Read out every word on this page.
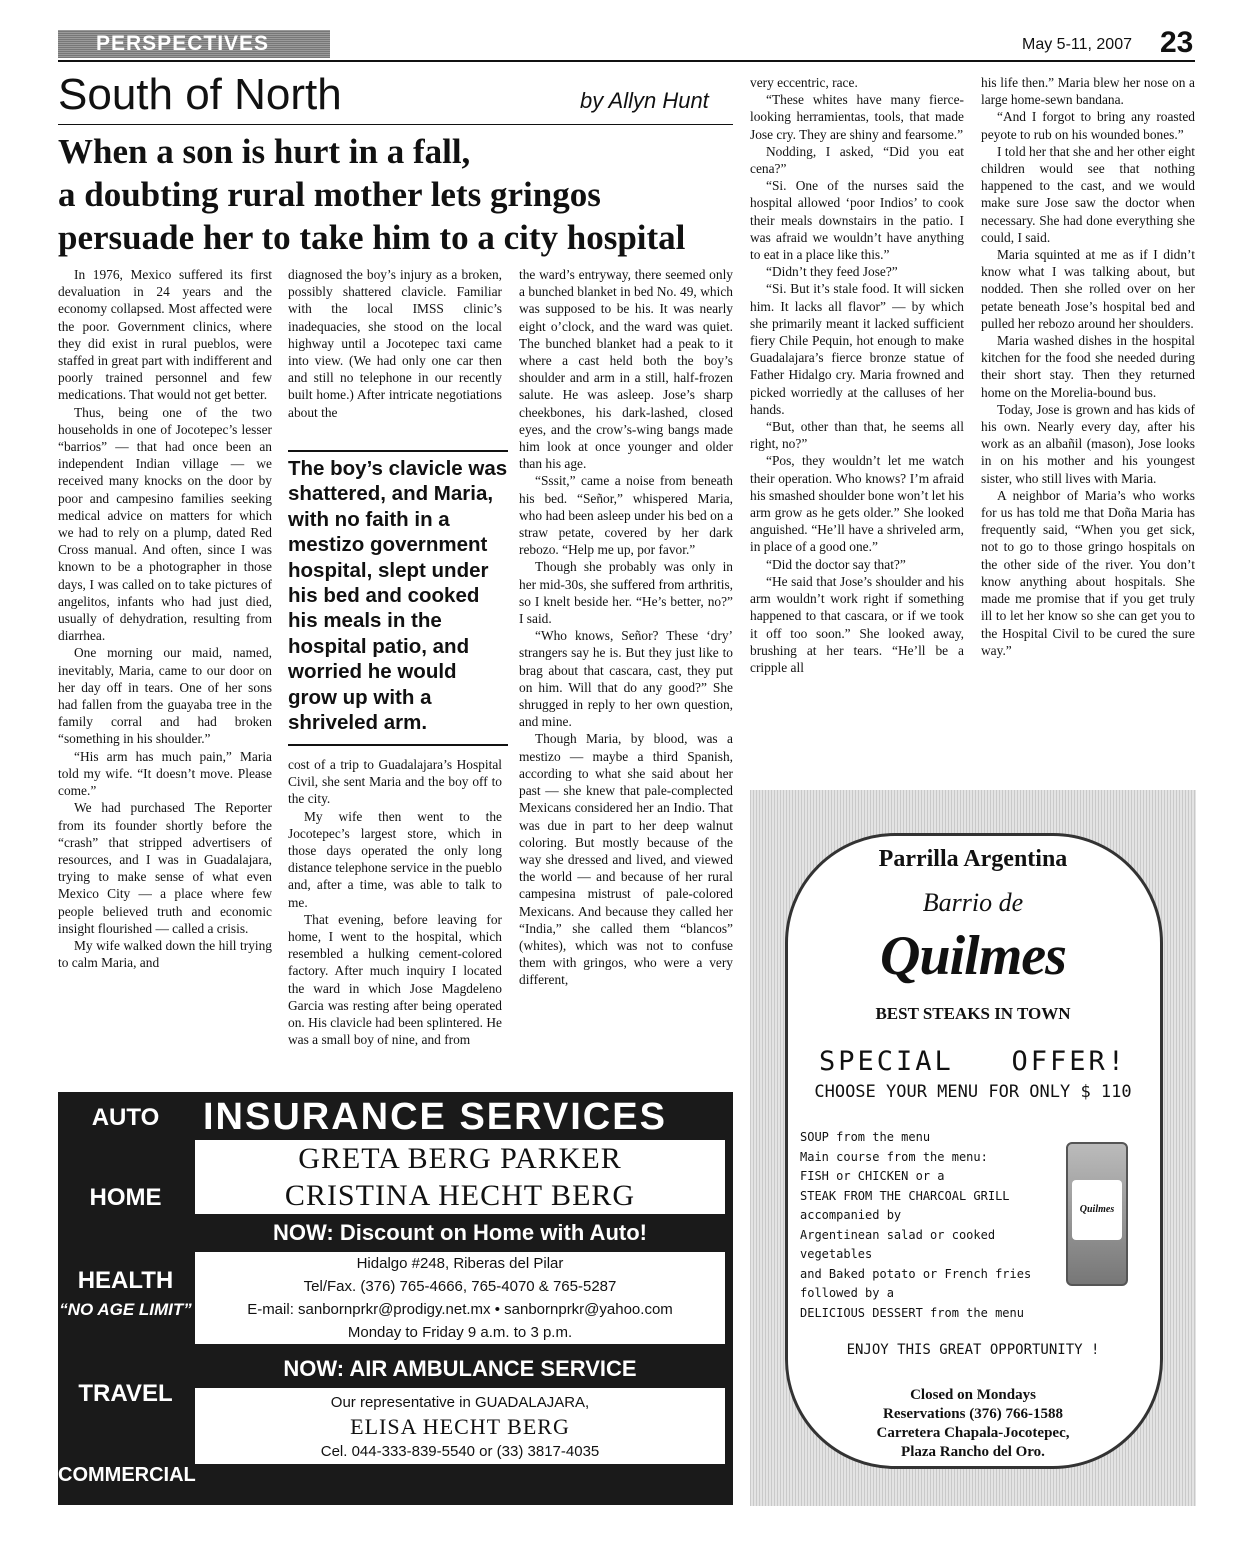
PERSPECTIVES	May 5-11, 2007 23
South of North	by Allyn Hunt
When a son is hurt in a fall,
a doubting rural mother lets gringos
persuade her to take him to a city hospital

In 1976, Mexico suffered its first devaluation in 24 years and the economy collapsed. Most affected were the poor. Government clinics, where they did exist in rural pueblos, were staffed in great part with indifferent and poorly trained personnel and few medications. That would not get better.

Thus, being one of the two households in one of Jocotepec’s lesser “barrios” — that had once been an independent Indian village — we received many knocks on the door by poor and campesino families seeking medical advice on matters for which we had to rely on a plump, dated Red Cross manual. And often, since I was known to be a photographer in those days, I was called on to take pictures of angelitos, infants who had just died, usually of dehydration, resulting from diarrhea.

One morning our maid, named, inevitably, Maria, came to our door on her day off in tears. One of her sons had fallen from the guayaba tree in the family corral and had broken “something in his shoulder.”

“His arm has much pain,” Maria told my wife. “It doesn’t move. Please come.”

We had purchased The Reporter from its founder shortly before the “crash” that stripped advertisers of resources, and I was in Guadalajara, trying to make sense of what even Mexico City — a place where few people believed truth and economic insight flourished — called a crisis.

My wife walked down the hill trying to calm Maria, and

diagnosed the boy’s injury as a broken, possibly shattered clavicle. Familiar with the local IMSS clinic’s inadequacies, she stood on the local highway until a Jocotepec taxi came into view. (We had only one car then and still no telephone in our recently built home.) After intricate negotiations about the

The boy’s clavicle was shattered, and Maria, with no faith in a mestizo government hospital, slept under his bed and cooked his meals in the hospital patio, and worried he would grow up with a shriveled arm.

cost of a trip to Guadalajara’s Hospital Civil, she sent Maria and the boy off to the city.

My wife then went to the Jocotepec’s largest store, which in those days operated the only long distance telephone service in the pueblo and, after a time, was able to talk to me.

That evening, before leaving for home, I went to the hospital, which resembled a hulking cement-colored factory. After much inquiry I located the ward in which Jose Magdeleno Garcia was resting after being operated on. His clavicle had been splintered. He was a small boy of nine, and from

the ward’s entryway, there seemed only a bunched blanket in bed No. 49, which was supposed to be his. It was nearly eight o’clock, and the ward was quiet. The bunched blanket had a peak to it where a cast held both the boy’s shoulder and arm in a still, half-frozen salute. He was asleep. Jose’s sharp cheekbones, his dark-lashed, closed eyes, and the crow’s-wing bangs made him look at once younger and older than his age.

“Sssit,” came a noise from beneath his bed. “Señor,” whispered Maria, who had been asleep under his bed on a straw petate, covered by her dark rebozo. “Help me up, por favor.”

Though she probably was only in her mid-30s, she suffered from arthritis, so I knelt beside her. “He’s better, no?” I said.

“Who knows, Señor? These ‘dry’ strangers say he is. But they just like to brag about that cascara, cast, they put on him. Will that do any good?” She shrugged in reply to her own question, and mine.

Though Maria, by blood, was a mestizo — maybe a third Spanish, according to what she said about her past — she knew that pale-complected Mexicans considered her an Indio. That was due in part to her deep walnut coloring. But mostly because of the way she dressed and lived, and viewed the world — and because of her rural campesina mistrust of pale-colored Mexicans. And because they called her “India,” she called them “blancos” (whites), which was not to confuse them with gringos, who were a very different,

very eccentric, race.

“These whites have many fierce-looking herramientas, tools, that made Jose cry. They are shiny and fearsome.”

Nodding, I asked, “Did you eat cena?”

“Si. One of the nurses said the hospital allowed ‘poor Indios’ to cook their meals downstairs in the patio. I was afraid we wouldn’t have anything to eat in a place like this.”

“Didn’t they feed Jose?”

“Si. But it’s stale food. It will sicken him. It lacks all flavor” — by which she primarily meant it lacked sufficient fiery Chile Pequin, hot enough to make Guadalajara’s fierce bronze statue of Father Hidalgo cry. Maria frowned and picked worriedly at the calluses of her hands.

“But, other than that, he seems all right, no?”

“Pos, they wouldn’t let me watch their operation. Who knows? I’m afraid his smashed shoulder bone won’t let his arm grow as he gets older.” She looked anguished. “He’ll have a shriveled arm, in place of a good one.”

“Did the doctor say that?”

“He said that Jose’s shoulder and his arm wouldn’t work right if something happened to that cascara, or if we took it off too soon.” She looked away, brushing at her tears. “He’ll be a cripple all

his life then.” Maria blew her nose on a large home-sewn bandana.

“And I forgot to bring any roasted peyote to rub on his wounded bones.”

I told her that she and her other eight children would see that nothing happened to the cast, and we would make sure Jose saw the doctor when necessary. She had done everything she could, I said.

Maria squinted at me as if I didn’t know what I was talking about, but nodded. Then she rolled over on her petate beneath Jose’s hospital bed and pulled her rebozo around her shoulders.

Maria washed dishes in the hospital kitchen for the food she needed during their short stay. Then they returned home on the Morelia-bound bus.

Today, Jose is grown and has kids of his own. Nearly every day, after his work as an albañil (mason), Jose looks in on his mother and his youngest sister, who still lives with Maria.

A neighbor of Maria’s who works for us has told me that Doña Maria has frequently said, “When you get sick, not to go to those gringo hospitals on the other side of the river. You don’t know anything about hospitals. She made me promise that if you get truly ill to let her know so she can get you to the Hospital Civil to be cured the sure way.”

AUTO
HOME
HEALTH
“NO AGE LIMIT”
TRAVEL
COMMERCIAL
INSURANCE SERVICES
GRETA BERG PARKER
CRISTINA HECHT BERG
NOW: Discount on Home with Auto!
Hidalgo #248, Riberas del Pilar
Tel/Fax. (376) 765-4666, 765-4070 & 765-5287
E-mail: sanbornprkr@prodigy.net.mx • sanbornprkr@yahoo.com
Monday to Friday 9 a.m. to 3 p.m.
NOW: AIR AMBULANCE SERVICE
Our representative in GUADALAJARA,
ELISA HECHT BERG
Cel. 044-333-839-5540 or (33) 3817-4035
Parrilla Argentina
Barrio de
Quilmes
BEST STEAKS IN TOWN
SPECIAL   OFFER!
CHOOSE YOUR MENU FOR ONLY $ 110
SOUP from the menu
Main course from the menu:
FISH or CHICKEN or a
STEAK FROM THE CHARCOAL GRILL
accompanied by
Argentinean salad or cooked vegetables
and Baked potato or French fries
followed by a
DELICIOUS DESSERT from the menu
Quilmes
ENJOY THIS GREAT OPPORTUNITY !
Closed on Mondays
Reservations (376) 766-1588
Carretera Chapala-Jocotepec,
Plaza Rancho del Oro.
